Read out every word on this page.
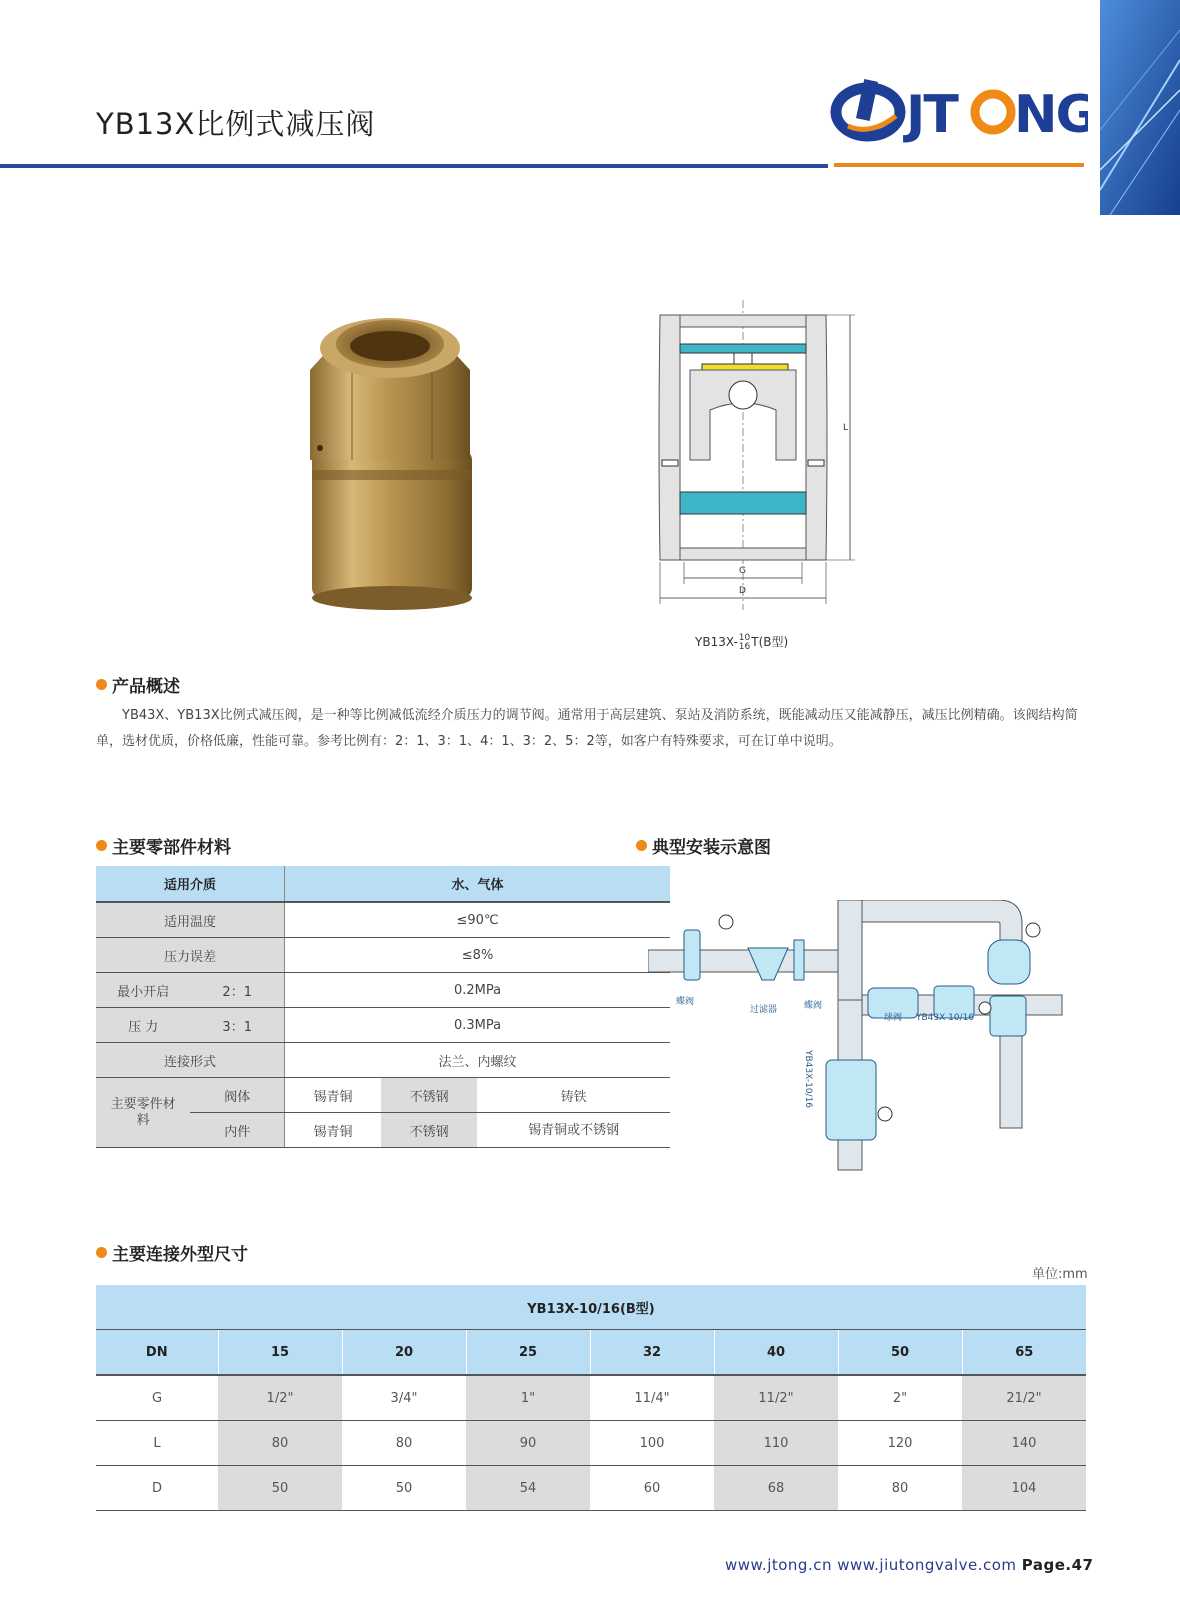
YB13X比例式减压阀	JT NG
L
G
D
YB13X-10
16T(B型)
产品概述
YB43X、YB13X比例式减压阀，是一种等比例减低流经介质压力的调节阀。通常用于高层建筑、泵站及消防系统，既能减动压又能减静压，减压比例精确。该阀结构简单，选材优质，价格低廉，性能可靠。参考比例有：2：1、3：1、4：1、3：2、5：2等，如客户有特殊要求，可在订单中说明。
主要零部件材料
适用介质		水、气体		
适用温度		≤90℃		
压力误差		≤8%		
最小开启	2：1	0.2MPa		
压 力	3：1	0.3MPa		
连接形式		法兰、内螺纹		
主要零件材料	阀体	锡青铜	不锈钢	铸铁
	内件	锡青铜	不锈钢	锡青铜或不锈钢
典型安装示意图
蝶阀
过滤器	蝶阀
球阀 YB43X-10/16
YB43X-10/16
主要连接外型尺寸
单位:mm
YB13X-10/16(B型)							
DN	15	20	25	32	40	50	65
G	1/2"	3/4"	1"	11/4"	11/2"	2"	21/2"
L	80	80	90	100	110	120	140
D	50	50	54	60	68	80	104
www.jtong.cn www.jiutongvalve.com Page.47
